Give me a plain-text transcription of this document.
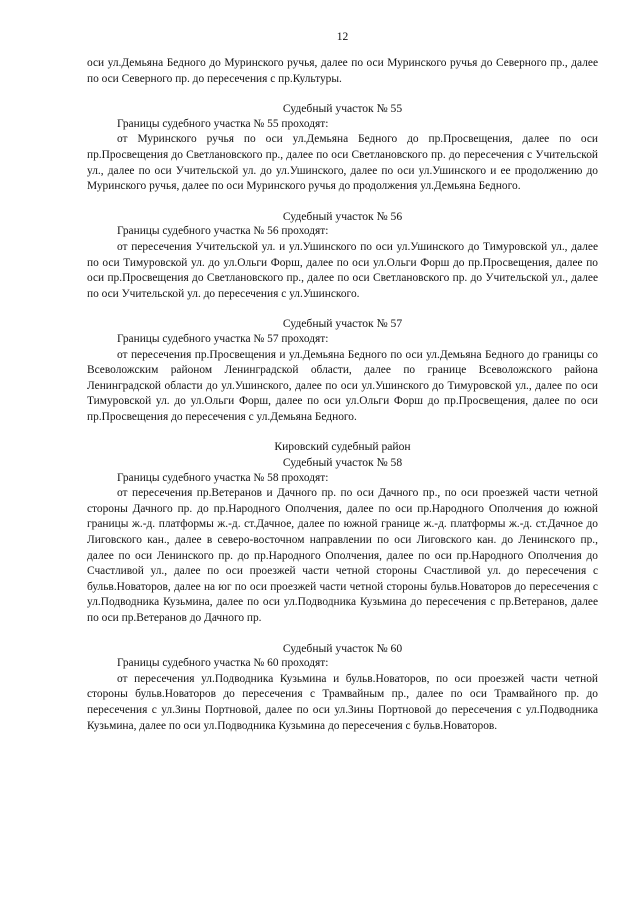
12

оси ул.Демьяна Бедного до Муринского ручья, далее по оси Муринского ручья до Северного пр., далее по оси Северного пр. до пересечения с пр.Культуры.

Судебный участок № 55

Границы судебного участка № 55 проходят:

от Муринского ручья по оси ул.Демьяна Бедного до пр.Просвещения, далее по оси пр.Просвещения до Светлановского пр., далее по оси Светлановского пр. до пересечения с Учительской ул., далее по оси Учительской ул. до ул.Ушинского, далее по оси ул.Ушинского и ее продолжению до Муринского ручья, далее по оси Муринского ручья до продолжения ул.Демьяна Бедного.

Судебный участок № 56

Границы судебного участка № 56 проходят:

от пересечения Учительской ул. и ул.Ушинского по оси ул.Ушинского до Тимуровской ул., далее по оси Тимуровской ул. до ул.Ольги Форш, далее по оси ул.Ольги Форш до пр.Просвещения, далее по оси пр.Просвещения до Светлановского пр., далее по оси Светлановского пр. до Учительской ул., далее по оси Учительской ул. до пересечения с ул.Ушинского.

Судебный участок № 57

Границы судебного участка № 57 проходят:

от пересечения пр.Просвещения и ул.Демьяна Бедного по оси ул.Демьяна Бедного до границы со Всеволожским районом Ленинградской области, далее по границе Всеволожского района Ленинградской области до ул.Ушинского, далее по оси ул.Ушинского до Тимуровской ул., далее по оси Тимуровской ул. до ул.Ольги Форш, далее по оси ул.Ольги Форш до пр.Просвещения, далее по оси пр.Просвещения до пересечения с ул.Демьяна Бедного.

Кировский судебный район

Судебный участок № 58

Границы судебного участка № 58 проходят:

от пересечения пр.Ветеранов и Дачного пр. по оси Дачного пр., по оси проезжей части четной стороны Дачного пр. до пр.Народного Ополчения, далее по оси пр.Народного Ополчения до южной границы ж.-д. платформы ж.-д. ст.Дачное, далее по южной границе ж.-д. платформы ж.-д. ст.Дачное до Лиговского кан., далее в северо-восточном направлении по оси Лиговского кан. до Ленинского пр., далее по оси Ленинского пр. до пр.Народного Ополчения, далее по оси пр.Народного Ополчения до Счастливой ул., далее по оси проезжей части четной стороны Счастливой ул. до пересечения с бульв.Новаторов, далее на юг по оси проезжей части четной стороны бульв.Новаторов до пересечения с ул.Подводника Кузьмина, далее по оси ул.Подводника Кузьмина до пересечения с пр.Ветеранов, далее по оси пр.Ветеранов до Дачного пр.

Судебный участок № 60

Границы судебного участка № 60 проходят:

от пересечения ул.Подводника Кузьмина и бульв.Новаторов, по оси проезжей части четной стороны бульв.Новаторов до пересечения с Трамвайным пр., далее по оси Трамвайного пр. до пересечения с ул.Зины Портновой, далее по оси ул.Зины Портновой до пересечения с ул.Подводника Кузьмина, далее по оси ул.Подводника Кузьмина до пересечения с бульв.Новаторов.
